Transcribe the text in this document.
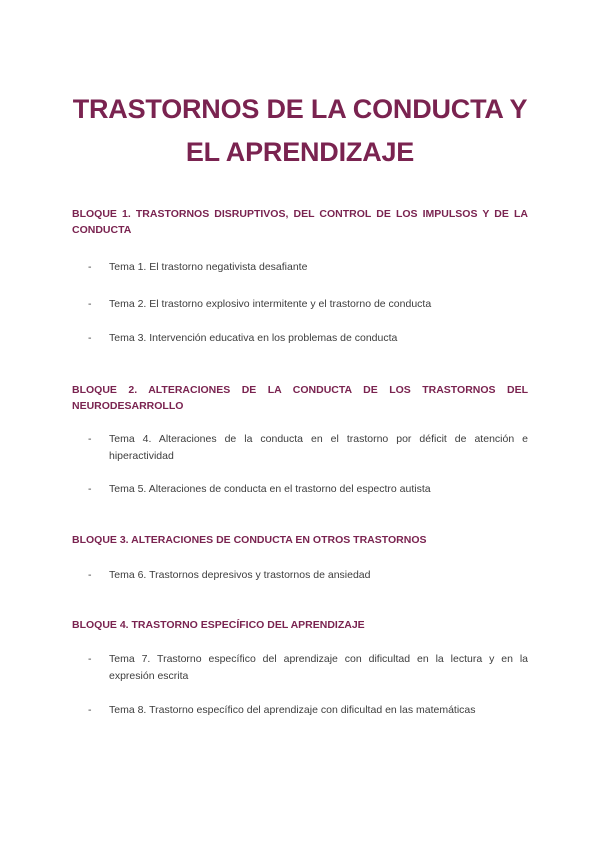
TRASTORNOS DE LA CONDUCTA Y
EL APRENDIZAJE
BLOQUE 1. TRASTORNOS DISRUPTIVOS, DEL CONTROL DE LOS IMPULSOS Y DE LA
CONDUCTA
- Tema 1. El trastorno negativista desafiante
- Tema 2. El trastorno explosivo intermitente y el trastorno de conducta
- Tema 3. Intervención educativa en los problemas de conducta
BLOQUE 2. ALTERACIONES DE LA CONDUCTA DE LOS TRASTORNOS DEL
NEURODESARROLLO
- Tema 4. Alteraciones de la conducta en el trastorno por déficit de atención e
hiperactividad
- Tema 5. Alteraciones de conducta en el trastorno del espectro autista
BLOQUE 3. ALTERACIONES DE CONDUCTA EN OTROS TRASTORNOS
- Tema 6. Trastornos depresivos y trastornos de ansiedad
BLOQUE 4. TRASTORNO ESPECÍFICO DEL APRENDIZAJE
- Tema 7. Trastorno específico del aprendizaje con dificultad en la lectura y en la
expresión escrita
- Tema 8. Trastorno específico del aprendizaje con dificultad en las matemáticas
